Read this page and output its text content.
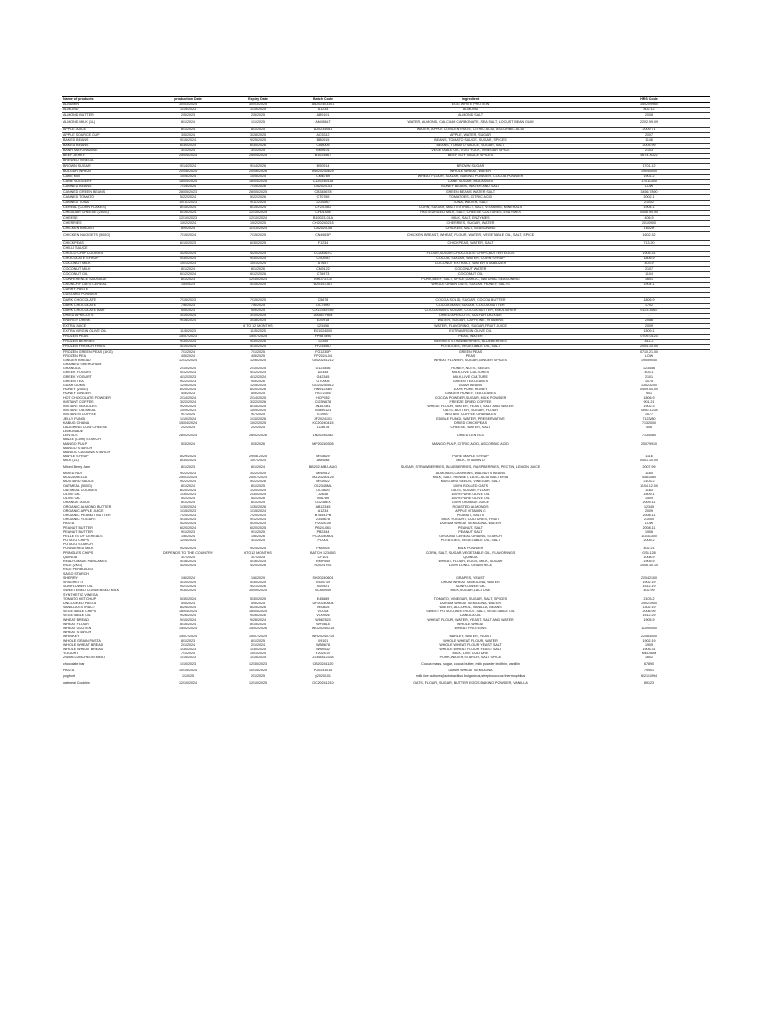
Name of products	production Date	Expiry Date	Batch Code	ingredient	HRS Code
ALBUMIN	30/03/2024	30/03/2025	A6202403301	EGG WHITE PROTEIN	350209960
ALMOND	1/15/2023	1/15/2025	A1234	ALMOND	802.12
ALMOND BUTTER	2/5/2023	2/5/2025	AB9101	ALMOND SALT	2008
ALMOND MILK (1L)	8/1/2024	1/1/2025	AM456LT	WATER, ALMOND, CALCIUM CARBONATE, SEA SALT, LOCUST BEAN GUM	2202.99.09
APPLE JUICE	8/1/2024	8/1/2025	AJ0234081	WATER, APPLE CONCENTRATE, CITRIC ACID, ASCORBIC ACID	2009.71
APPLE SOURCE CUP	3/5/2024	3/28/2025	AC5312	APPLE, WATER, SUGAR	2007
BAKED BEANS	9/15/2024	9/25/2025	BB0915	BEANS, TOMATO SAUCE, SUGAR, SPICES	1146
BAKED BEANS	6/30/2024	6/30/2026	CB8005	BEANS, TOMATO SAUCE, SUGAR, SALT	2005.99
BANH MAYONNAISE	3/1/2024	3/1/2025	BM9101	VEGETABLE OIL, EGG YOLK, VINEGAR SPICE	2103
BEEF JERKY	25/04/2024	25/04/2025	B1024567	BEEF SOY SAUCE SPICES	5674-4022
BREWED VINEGA					
BROWN SUGAR	9/14/2024	9/14/2026	BS0914	BROWN SUGAR	1701.12
BULGUR WHEAT	20/06/2024	20/06/2026	BW20240620	WHOLE WHEAT, WATER	19040000
CAKE MIX	10/5/2024	10/5/2025	CM6789	WHEAT FLOUR, SUGAR, BAKING POWDER, COCOA POWDER	1901.2
CANE SUGGERY	18/04/2024	18/04/2025	C120240418	CANE SUGAR, MOLASSES	17011300
CANNED BEANS	7/15/2024	7/15/2026	CB2024-03	BONEY BEANS, WATER AND SALT	LOW
CANNED GREEN BEANS	28/05/2023	28/05/2025	CB345678	GREEN BEANS WATER SALT	3456.7890
CANNED TOMATO	5/22/2024	5/22/2026	CT0789	TOMATOES, CITRIC ACID	2002.1
CANNED TUNA	10/11/2023	9/11/2025	1234567	TUNA, WATER, SALT	21002
CEREAL (CORN FLAKES)	8/15/2024	8/15/2025	CF24-081	CORN, SUGAR, MALT EXTRACT, SALT, VITAMINS, MINERALS	1904.1
CHEDDAR CHEESE (250G)	6/15/2024	12/15/2025	CH01456	PASTEURIZED MILK, SALT, CHEESE CULTURES, ENZYMES	0406.90.90
CHEESE	12/10/2023	12/10/2024	B10023-01A	MILK, SALT, ENZYMES	406.9
CHERRIES	10/2/2024	10/2/2025	CH20240215	CHERRIES, SUGAR, WATER	2010900
CHICKEN BREAST	8/9/2024	11/10/2024	CB2024-08	CHICKEN, SALT, SEASONING	1602R
CHICKEN NUGGETS (500G)	7/15/2024	7/15/2025	CN4563P	CHICKEN BREAST, WHEAT, FLOUR, WATER, VEGETABLE OIL, SALT, SPICE	1602.32
CHICKPEAS	6/10/2023	6/30/2025	F1234	CHICKPEAS, WATER, SALT	713.20
CHILLI SAUCE					
CHOCO CHIP COOKIES	4/20/2024	4/20/2025	CCA4567C	FLOUR,SUGAR,CHOCOLATE CHIPS,BUTTER EGGS	1905.31
CHOCOLATE SYRUP	9/30/2024	9/30/2025	CS0930	COCOA, SUGAR, WATER, CORN SYRUP	1806.9
COCONUT MILK	10/1/2023	10/1/2025	A7657	COCONUT EXTRACT, WATER STABILIZER	403.9
COCONUT MILK	8/1/2024	8/1/2026	CM0122	COCONUT WATER	2107
COCONUT OIL	6/12/2024	6/12/2026	C76973	COCONUT OIL	1104
CONFERENCE SAUSAGE	8/1/2023	12/30/2023	BRD73-C5	PORK,BEEF, SALT, SPICE,GARLIC, NATURAL SEASONING	1601
CRUNCHY OATS CEREAL	15/04/23	4/15/2025	B2034-OAT	WHOLE GRAIN OATS, SUGAR, HONEY, SALTS	1904.1
CURRY PASTE					
CUSTARD POWDER					
DARK CHOCOLATE	7/15/2023	7/15/2025	C5678	COCOA SOLID, SUGAR, COCOA BUTTER	1806.9
DARK CHOCOLATE	7/6/2023	7/6/2025	DC7890	COCOA MASS SUGAR, COCOA BUTTER	1702
DARK CHOCOLATE BAR	5/5/2023	5/5/2025	CX12345789	COCOA MASS SUGAR, COCOA BUTTER, EMULSIFIER	0123-4567
DRIED APRICOTS	3/10/2024	3/10/2025	DA567YBM	DRIED APRICOTS, SULFUR DIOXIDE	-
ENERGY DRINK	9/18/2024	3/18/2025	E20918	WATER, SUGAR, CAFFEINE, VITAMINS	2088
EXTRA JUICE		6 TO 12 MONTHS	123456	WATER, FLAVORING, SUGAR,FRUIT JUICE	2009
EXTRA VIRGIN OLIVE OIL	11/5/2023	11/5/2025	E01024000	EXTRAVIRGIN OLIVE OIL	1509.1
FROZEN PEAS	15/07/2023	15/07/2025	FP987890	PEAS, WATER	0709-0123
FROZEN BERRIES	9/30/2024	9/30/2026	12345	BERRIES STRAWBERRIES, BLUEBERRIES	811.2
FROZEN FRENCH FRIES	5/10/2024	5/10/2025	FF234567	POTATOES, VEGETABLE OIL, SALT	2004.10.00
FROZEN GREEN PEAS (1KG)	7/1/2024	7/1/2025	FG1230P	GREEN PEAS	0710.21.00
FROZEN PEA	4/5/2024	4/5/2025	FP2024-04	PEAS	LOW
GINGER BREAD	12/12/2024	12/6/2025	GB20241212	WHEAT FLOWER, SUGAR,GINGER SPICES	19059040
GRAINED SHERGHUM					
GRANOLA	2/10/2024	2/10/2025	G123456	HONEY, NUTS, SEEDS	123456
GREEK YOGURT	4/12/2023	4/12/2024	D2345	MILK,LIVE CULTURES	403.1
GREEK YOGURT	4/12/2023	4/12/2024	G42345	MILK,LIVE CULTURE	2101
GREEN TEA	9/22/2023	9/5/2026	GT0905	GREEN TEA LEAVES	1075
GUAR GUMS	12/5/2024	12/5/2025	GG20240512	GUAR BEANS	13023200
HONEY (250G)	6/20/2024	6/20/2026	HN91234B	100% PURE HONEY	0409.00.00
HONEY GINGER	4/5/2023	5/5/2025	HG72345	GINGER HONEY, TEA LEAVES	901
HOT CHOCOLATE POWDER	2/14/2024	2/14/2025	HCP052	COCOA POWDER,SUGAR, MILK POWDER	1806.9
INSTANT COFFEE	3/22/2024	3/22/2026	CI23N678	FREEZE DRIED COFFEE	901.21
INSTANT NOODLES	9/20/2024	8/15/2025	IN34-081	WHEAT FLOUR, WATER, YEAST, SALT AND WATER	1902.3
INSTANT OATMEAL	10/9/2023	10/9/2025	X0890123	OATS, BUTTER, SUGAR, FLOUR	7890-1234
INSTANTN COFFEE	9/7/2024	9/7/2025	IC0907	INSTANT COFFEE GRANULES	1077
JELLY FUNGI	1/10/2024	1/10/2026	JF2024101	EDIBLE FUNGI, WATER, PRESERVATIVE	7123/80
KABUG CHANA	15/04/2024	10/2/2025	KC20240415	DRIED CHICKPEAS	7132000
LAUGHING COW CHEESE	2/2/2024	2/2/2025	LC5678	CHEESE, WATER, SALT	406
LEMONADE					
LENTILS	28/02/2024	28/02/2026	LN20240282	DRIED LENTILS	7134080
MAIZE (Corn) STARCH					
MANGO PULP	5/3/2024	5/3/2026	MP20240305	MANGO PULP, CITRIC ACID, ASCORBIC ACID	20079910
MANGO STARCH					
MANIOC CASSAVA STARCH					
MAPLE SYRUP	8/29/2024	29/08.2025	MS0829	PURE MAPLE SYRUP	1116
MILK (1L)	8/30/2024	10/7/2024	AMSM8	MILK, VITAMIN D	0401.10.00
Mixed Berry Jam	8/1/2023	8/1/2024	BB202-MBJ-AUG	SUGAR, STRAWBERRIES, BLUEBERRIES, RASPBERRIES, PECTIN, LEMON JUICE	2007.99
MIXED NUT	9/22/2023	3/22/2025	MN0912	ALMONDS,CASHEWS, WALNUTS BEANS	1164
MOZZARELLA	25/01/2024	25/07/2024	MZ20250125	MILK, SALT, RENNET, LATIC ACID BACTERIA	4061080
MUSTARD SAUCE	9/22/2024	9/22/2026	MS0922	MUSTARD SEEDS, VINEGAR, SALT	2103.2
OATMEAL (500G)	8/1/2024	8/1/2025	O12345ML	100% ROLLED OATS	1104.12.00
OATMEAL COOKIES	8/20/2024	1/20/2025	OC0820	OATS, SUGAR, FLOUR	1183
OLIVE OIL	1/30/2023	2/30/2025	J2638	100% PURE OLIVE OIL	1509.1
OLIVE OIL	5/2/2024	5/2/2026	006789	100% PURE OLIVE OIL	1509
ORANGE JUICE	8/1/2024	8/1/2025	O1238EX	100% ORANGE JUICE	2009.11
ORGANIC ALMOND BUTTER	1/30/2024	1/30/2026	AB12345	ROASTED ALMONDS	12345
ORGANIC APPLE JUICE	1/15/2023	1/15/2024	A1234	APPLE VITAMIN C	2009
ORGANIC PEANUT BUTTER	7/20/2023	7/20/2024	B7654-PB	PEANUT, SALTS	2008.11
ORGANIC YOGURT	4/15/2024	9/12/2024	2345678	MILK YOGURT, CULTURES, FRUIT	21000
PASTA	5/20/2024	5/20/2024	P2024-05	DURUM WHEAT SEMOLINA, WATER	LOW
PEANUT BUTTER	6/20/2024	6/20/2025	PB24-061	PEANUT, SALT	2008.11
PEANUT BUTTER	9/1/2023	9/1/2025	PB2344	PEANUT SALT	1906
PELLETS OF CEREALS	1/6/2024	1/6/2026	PC20240601	GROUND CEREAL GRAINS, STARCH	11031300
POTATO CHIPS	12/4/2024	4/1/2025	PC001	POTATOES, VEGETABLE OIL, SALT	2005.2
POTATO STARCH					
POWDERED MILK	9/24/2024	9/24/2025	PM0924	MILK POWDER	402.21
PRINGLES CHIPS	DEPENDS TO THE COUNTRY	6TO12 MONTHS	BATCH 12345G	CORN, SALT, SUGAR,VEGETABLE OIL, FLAVORINGS	GSI-128
QUINOA	3/7/2024	3/7/2025	CF101	QUINOA	1008.9
READY-MADE PANCAKES	5/16/2024	5/16/2025	RMP555	WHEAT, FLOUR, EGGS, MILK, SUGAR	1905.9
RICE (2KG)	4/20/2024	4/20/2026	R2024 RG	100% LONG- GRAIN RICE	1006.30.10
RICE PERBOILED					
SAGO STARCH					
SHERRY	1/6/2024	1/6/2029	SH20240601	GRAPES, YEAST	22042100
SPAGHETTI	4/10/2024	4/30/2025	IN34734	DRUM WHEAT SEMOLINA, WATER	1902.19
SUNFLOWER OIL	9/21/2024	9/21/2026	S00921	SUNFLOWER OIL	1512.19
SWEETENED CONDENSED MILK	9/30/2024	30/09/2025	SCM0949	MILK,SUGAR,LACTOSE	402.99
SYNTHETIC VINEGA					
TOMATO KETCHUP	5/30/2024	5/30/2025	E45689	TOMATO, VINEGAR, SUGAR, SALT, SPICES	2103.2
UNCOOKED PASTA	5/5/2024	5/5/2025	UP20240504	DURUM WHEAT SEMOLINA, WATER	19021900
VANILLA EXTRACT	8/25/2024	8/25/2026	VE0825	WATER, ALCOHOL, VANILLA, BEANS	1302.19
VEGETABLE CHIPS	18/04/2024	18/04/2025	VC034	SWEET POTATO,BEETROOT, SALT, VEGETABLE OIL	2008.99
VEGETABLE OIL	9/26/2024	9/26/2026	VO0926	CANOLA OIL	1512.29
WHEAT BREAD	9/10/2024	9/26/2024	W567823	WHEAT FLOUR, WATER, YEAST, SALT AND WATER	1905.9
WHEAT FLOUR	8/15/2024	8/15/2025	WF0815	WHOLE WHEAT	-
WHEAT GLUTEN	15/02/2024	15/02/2026	WG20240215	WHEAT PROTEINS	11090000
WHEAT STARCH					
WHISKEY	15/07/2024	15/07/2029	WH20240715	BARLEY, WATER, YEAST	22083000
WHOLE GRAIN PASTA	8/1/2023	8/1/2025	X9101	WHOLE WHEAT FLOUR, WATER	1902.19
WHOLE WHEAT BREAD	2/1/2024	2/1/2024	WB5678	WHOLE WHEAT FLOUR YEAST SALT	1905
WHOLE WHEAT BREAD	1/30/2023	1/30/2025	WB9432	WHOLE WHEAT FLOUR YEAST SALT	1905.31
YOGURT	7/1/2024	10/1/2024	Y2024-07	MILK, LIVE CULTURE	MEDIUM
ZWAN LUNCHEON MEAT	1/15/2023	1/15/2025	ZLM4412334	PORK,WATER,STARCH, SALT SPICE	1602
chocolate bar	1/10/2023	12/30/2023	CB20241120	Cocoa mass, sugar, cocoa butter, milk powder lecithin, vanillin	67890
PASTA	10/15/2024	10/15/2025	P20241015	Durum WHEAT SEMOLINA	79901
yoghurt	1/10/25	2/1/2025	y2020101	milk live cultures(lactobacillus bulgaricus,streptococcus thermophilus	8/21/1994
oatmeal Cookies	12/10/2024	12/10/2025	OC20241210	OATS, FLOUR, SUGAR, BUTTER EGGS BAKING POWDER, VANILLA	89123
